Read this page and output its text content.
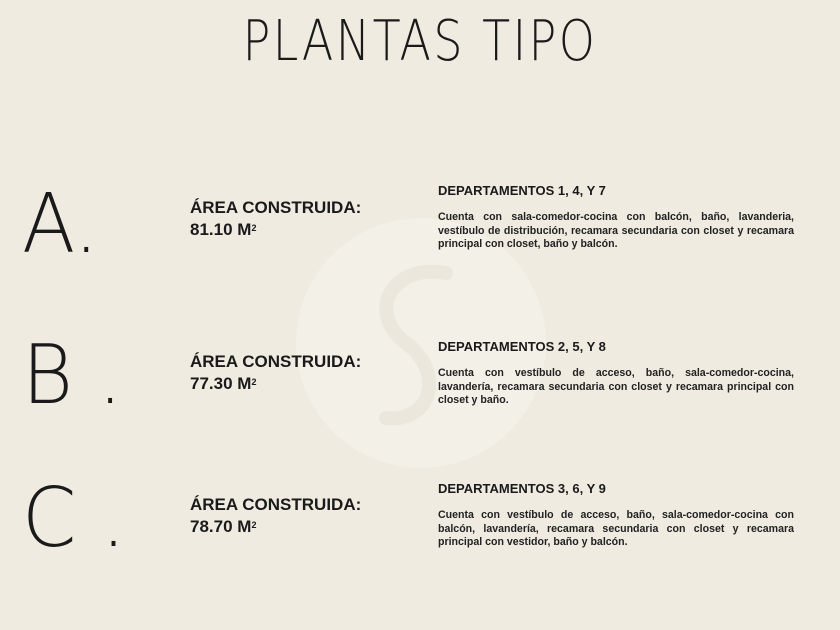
PLANTAS TIPO
A.	ÁREA CONSTRUIDA:
81.10 $M^2$

DEPARTAMENTOS 1, 4, Y 7

Cuenta con sala-comedor-cocina con balcón, baño, lavanderia, vestíbulo de distribución, recamara secundaria con closet y recamara principal con closet, baño y balcón.

B .	ÁREA CONSTRUIDA:
77.30 $M^2$

DEPARTAMENTOS 2, 5, Y 8

Cuenta con vestíbulo de acceso, baño, sala-comedor-cocina, lavandería, recamara secundaria con closet y recamara principal con closet y baño.

C .	ÁREA CONSTRUIDA:
78.70 $M^2$

DEPARTAMENTOS 3, 6, Y 9

Cuenta con vestíbulo de acceso, baño, sala-comedor-cocina con balcón, lavandería, recamara secundaria con closet y recamara principal con vestidor, baño y balcón.
